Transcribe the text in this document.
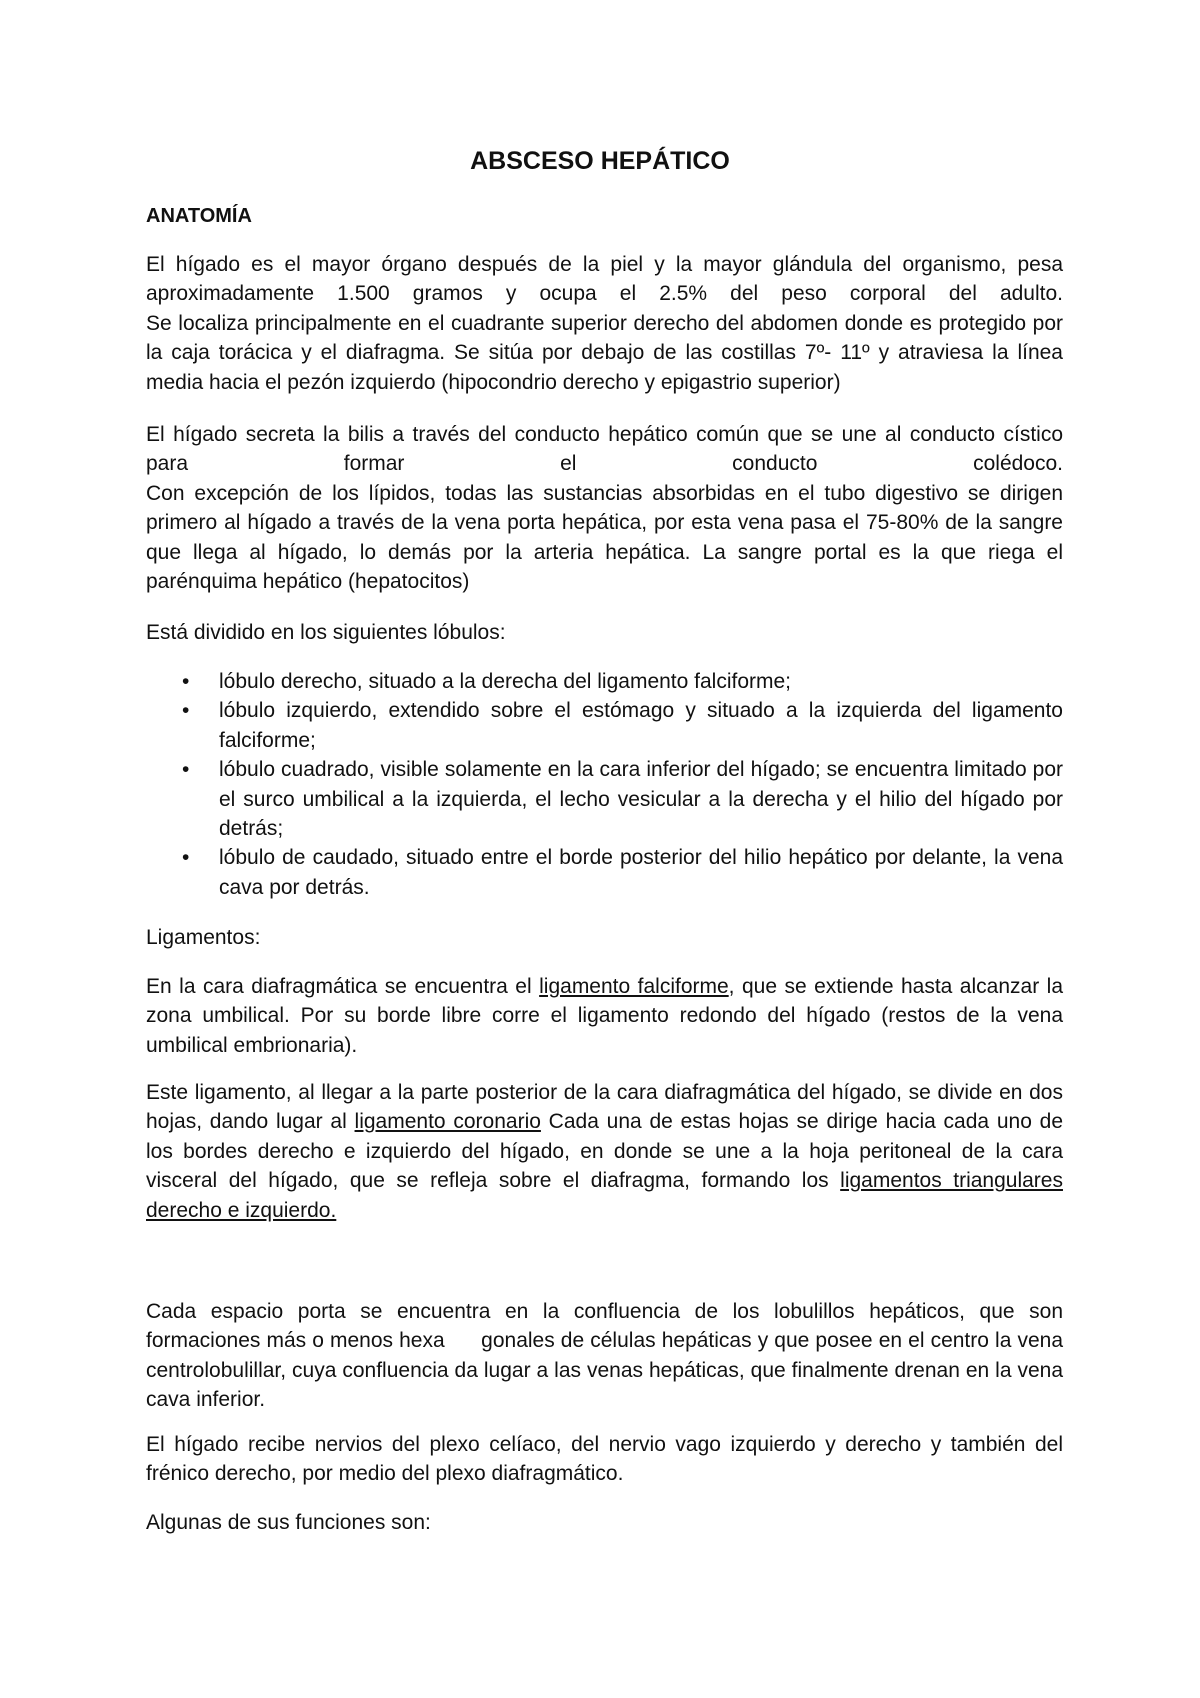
ABSCESO HEPÁTICO
ANATOMÍA

El hígado es el mayor órgano después de la piel y la mayor glándula del organismo, pesa aproximadamente 1.500 gramos y ocupa el 2.5% del peso corporal del adulto.

Se localiza principalmente en el cuadrante superior derecho del abdomen donde es protegido por la caja torácica y el diafragma. Se sitúa por debajo de las costillas 7º- 11º y atraviesa la línea media hacia el pezón izquierdo (hipocondrio derecho y epigastrio superior)

El hígado secreta la bilis a través del conducto hepático común que se une al conducto cístico para formar el conducto colédoco.

Con excepción de los lípidos, todas las sustancias absorbidas en el tubo digestivo se dirigen primero al hígado a través de la vena porta hepática, por esta vena pasa el 75-80% de la sangre que llega al hígado, lo demás por la arteria hepática. La sangre portal es la que riega el parénquima hepático (hepatocitos)

Está dividido en los siguientes lóbulos:

• lóbulo derecho, situado a la derecha del ligamento falciforme;
• lóbulo izquierdo, extendido sobre el estómago y situado a la izquierda del ligamento falciforme;
• lóbulo cuadrado, visible solamente en la cara inferior del hígado; se encuentra limitado por el surco umbilical a la izquierda, el lecho vesicular a la derecha y el hilio del hígado por detrás;
• lóbulo de caudado, situado entre el borde posterior del hilio hepático por delante, la vena cava por detrás.

Ligamentos:

En la cara diafragmática se encuentra el ligamento falciforme, que se extiende hasta alcanzar la zona umbilical. Por su borde libre corre el ligamento redondo del hígado (restos de la vena umbilical embrionaria).

Este ligamento, al llegar a la parte posterior de la cara diafragmática del hígado, se divide en dos hojas, dando lugar al ligamento coronario Cada una de estas hojas se dirige hacia cada uno de los bordes derecho e izquierdo del hígado, en donde se une a la hoja peritoneal de la cara visceral del hígado, que se refleja sobre el diafragma, formando los ligamentos triangulares derecho e izquierdo.

Cada espacio porta se encuentra en la confluencia de los lobulillos hepáticos, que son formaciones más o menos hexa      gonales de células hepáticas y que posee en el centro la vena centrolobulillar, cuya confluencia da lugar a las venas hepáticas, que finalmente drenan en la vena cava inferior.

El hígado recibe nervios del plexo celíaco, del nervio vago izquierdo y derecho y también del frénico derecho, por medio del plexo diafragmático.

Algunas de sus funciones son:
